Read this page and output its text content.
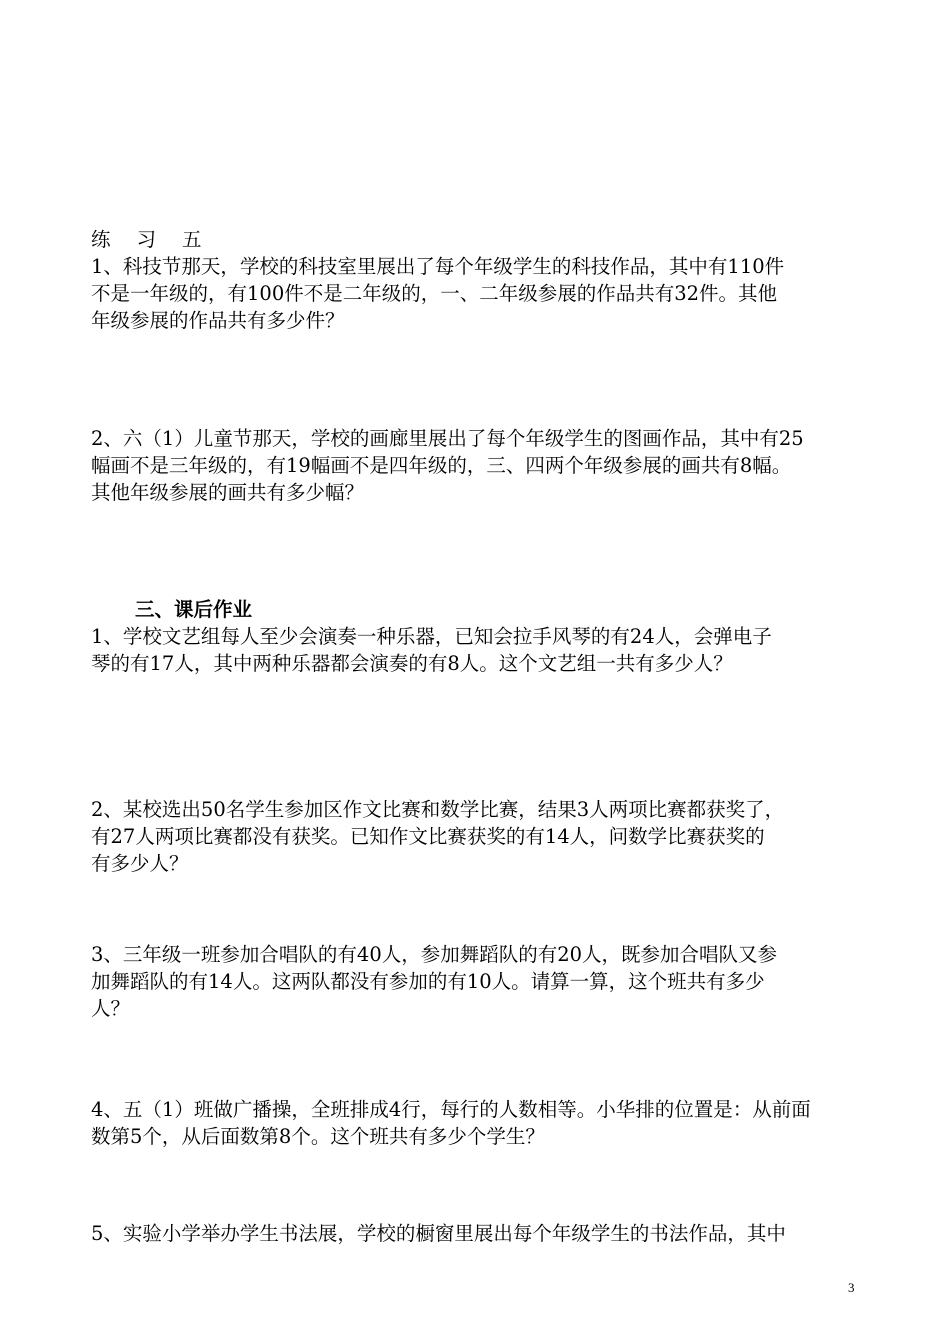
练 习 五
1、科技节那天，学校的科技室里展出了每个年级学生的科技作品，其中有110件
不是一年级的，有100件不是二年级的，一、二年级参展的作品共有32件。其他
年级参展的作品共有多少件？
2、六（1）儿童节那天，学校的画廊里展出了每个年级学生的图画作品，其中有25
幅画不是三年级的，有19幅画不是四年级的，三、四两个年级参展的画共有8幅。
其他年级参展的画共有多少幅？
三、课后作业
1、学校文艺组每人至少会演奏一种乐器，已知会拉手风琴的有24人，会弹电子
琴的有17人，其中两种乐器都会演奏的有8人。这个文艺组一共有多少人？
2、某校选出50名学生参加区作文比赛和数学比赛，结果3人两项比赛都获奖了，
有27人两项比赛都没有获奖。已知作文比赛获奖的有14人，问数学比赛获奖的
有多少人？
3、三年级一班参加合唱队的有40人，参加舞蹈队的有20人，既参加合唱队又参
加舞蹈队的有14人。这两队都没有参加的有10人。请算一算，这个班共有多少
人？
4、五（1）班做广播操，全班排成4行，每行的人数相等。小华排的位置是：从前面
数第5个，从后面数第8个。这个班共有多少个学生？
5、实验小学举办学生书法展，学校的橱窗里展出每个年级学生的书法作品，其中
3
